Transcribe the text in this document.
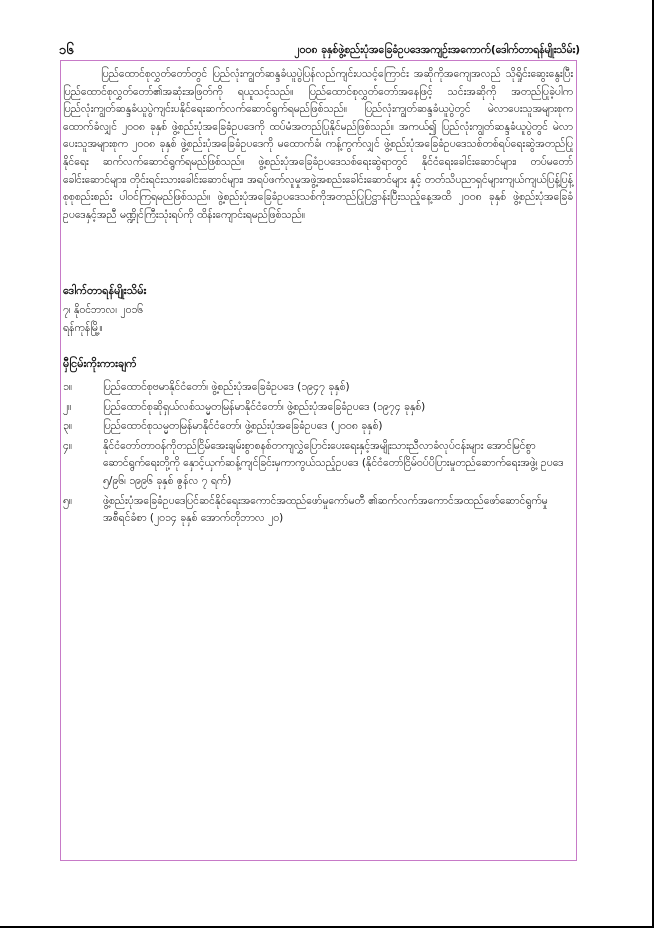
၁၆	၂၀၀၈ ခုနှစ်ဖွဲ့စည်းပုံအခြေခံဥပဒေအကျဉ်းအကောက်(ဒေါက်တာရန်မျိုးသိမ်း)

ပြည်ထောင်စုလွှတ်တော်တွင် ပြည်လုံးကျွတ်ဆန္ဒခံယူပွဲပြန်လည်ကျင်းပသင့်ကြောင်း အဆိုကိုအကျေအလည် သိုရှိုင်းဆွေးနွေးပြီး ပြည်ထောင်စုလွှတ်တော်၏အဆုံးအဖြတ်ကို ရယူသင့်သည်။ ပြည်ထောင်စုလွှတ်တော်အနေဖြင့် သင်းအဆိုကို အတည်ပြုခဲ့ပါက ပြည်လုံးကျွတ်ဆန္ဒခံယူပွဲကျင်းပနိုင်ရေးဆက်လက်ဆောင်ရွက်ရမည်ဖြစ်သည်။ ပြည်လုံးကျွတ်ဆန္ဒခံယူပွဲတွင် မဲလာပေးသူအများစုက ထောက်ခံလျှင် ၂၀၀၈ ခုနှစ် ဖွဲ့စည်းပုံအခြေခံဥပဒေကို ထပ်မံအတည်ပြုနိုင်မည်ဖြစ်သည်။ အကယ်၍ ပြည်လုံးကျွတ်ဆန္ဒခံယူပွဲတွင် မဲလာပေးသူအများစုက ၂၀၀၈ ခုနှစ် ဖွဲ့စည်းပုံအခြေခံဥပဒေကို မထောက်ခံ၊ ကန့်ကွက်လျှင် ဖွဲ့စည်းပုံအခြေခံဥပဒေသစ်တစ်ရပ်ရေးဆွဲအတည်ပြုနိုင်ရေး ဆက်လက်ဆောင်ရွက်ရမည်ဖြစ်သည်။ ဖွဲ့စည်းပုံအခြေခံဥပဒေသစ်ရေးဆွဲရာတွင် နိုင်ငံရေးခေါင်းဆောင်များ၊ တပ်မတော်ခေါင်းဆောင်များ၊ တိုင်းရင်းသားခေါင်းဆောင်များ၊ အရပ်ဖက်လူမှုအဖွဲ့အစည်းခေါင်းဆောင်များ နှင့် တတ်သိပညာရှင်များကျယ်ကျယ်ပြန့်ပြန့် စုစုစည်းစည်း ပါဝင်ကြရမည်ဖြစ်သည်။ ဖွဲ့စည်းပုံအခြေခံဥပဒေသစ်ကိုအတည်ပြုပြဋ္ဌာန်းပြီးသည့်နေ့အထိ ၂၀၀၈ ခုနှစ် ဖွဲ့စည်းပုံအခြေခံဥပဒေနှင့်အညီ မဏ္ဍိုင်ကြီးသုံးရပ်ကို ထိန်းကျောင်းရမည်ဖြစ်သည်။

ဒေါက်တာရန်မျိုးသိမ်း
၇၊ နိုဝင်ဘာလ၊ ၂၀၁၆
ရန်ကုန်မြို့။
မှီငြမ်းကိုးကားချက်
၁။	ပြည်ထောင်စုဗမာနိုင်ငံတော်၊ ဖွဲ့စည်းပုံအခြေခံဥပဒေ (၁၉၄၇ ခုနှစ်)
၂။	ပြည်ထောင်စုဆိုရှယ်လစ်သမ္မတမြန်မာနိုင်ငံတော်၊ ဖွဲ့စည်းပုံအခြေခံဥပဒေ (၁၉၇၄ ခုနှစ်)
၃။	ပြည်ထောင်စုသမ္မတမြန်မာနိုင်ငံတော်၊ ဖွဲ့စည်းပုံအခြေခံဥပဒေ (၂၀၀၈ ခုနှစ်)
၄။	နိုင်ငံတော်တာဝန်ကိုတည်ငြိမ်အေးချမ်းစွာစနစ်တကျလွှဲပြောင်းပေးရေးနှင့်အမျိုးသားညီလာခံလုပ်ငန်းများ အောင်မြင်စွာဆောင်ရွက်ရေးတို့ကို နှောင့်ယှက်ဆန့်ကျင်ခြင်းမှကာကွယ်သည့်ဥပဒေ (နိုင်ငံတော်ငြိမ်ဝပ်ပိပြားမှုတည်ဆောက်ရေးအဖွဲ့၊ ဥပဒေ ၅/၉၆၊ ၁၉၉၆ ခုနှစ် ဇွန်လ ၇ ရက်)
၅။	ဖွဲ့စည်းပုံအခြေခံဥပဒေပြင်ဆင်နိုင်ရေးအကောင်အထည်ဖော်မှုကော်မတီ ၏ဆက်လက်အကောင်အထည်ဖော်ဆောင်ရွက်မှုအစီရင်ခံစာ (၂၀၁၄ ခုနှစ် အောက်တိုဘာလ ၂၀)
